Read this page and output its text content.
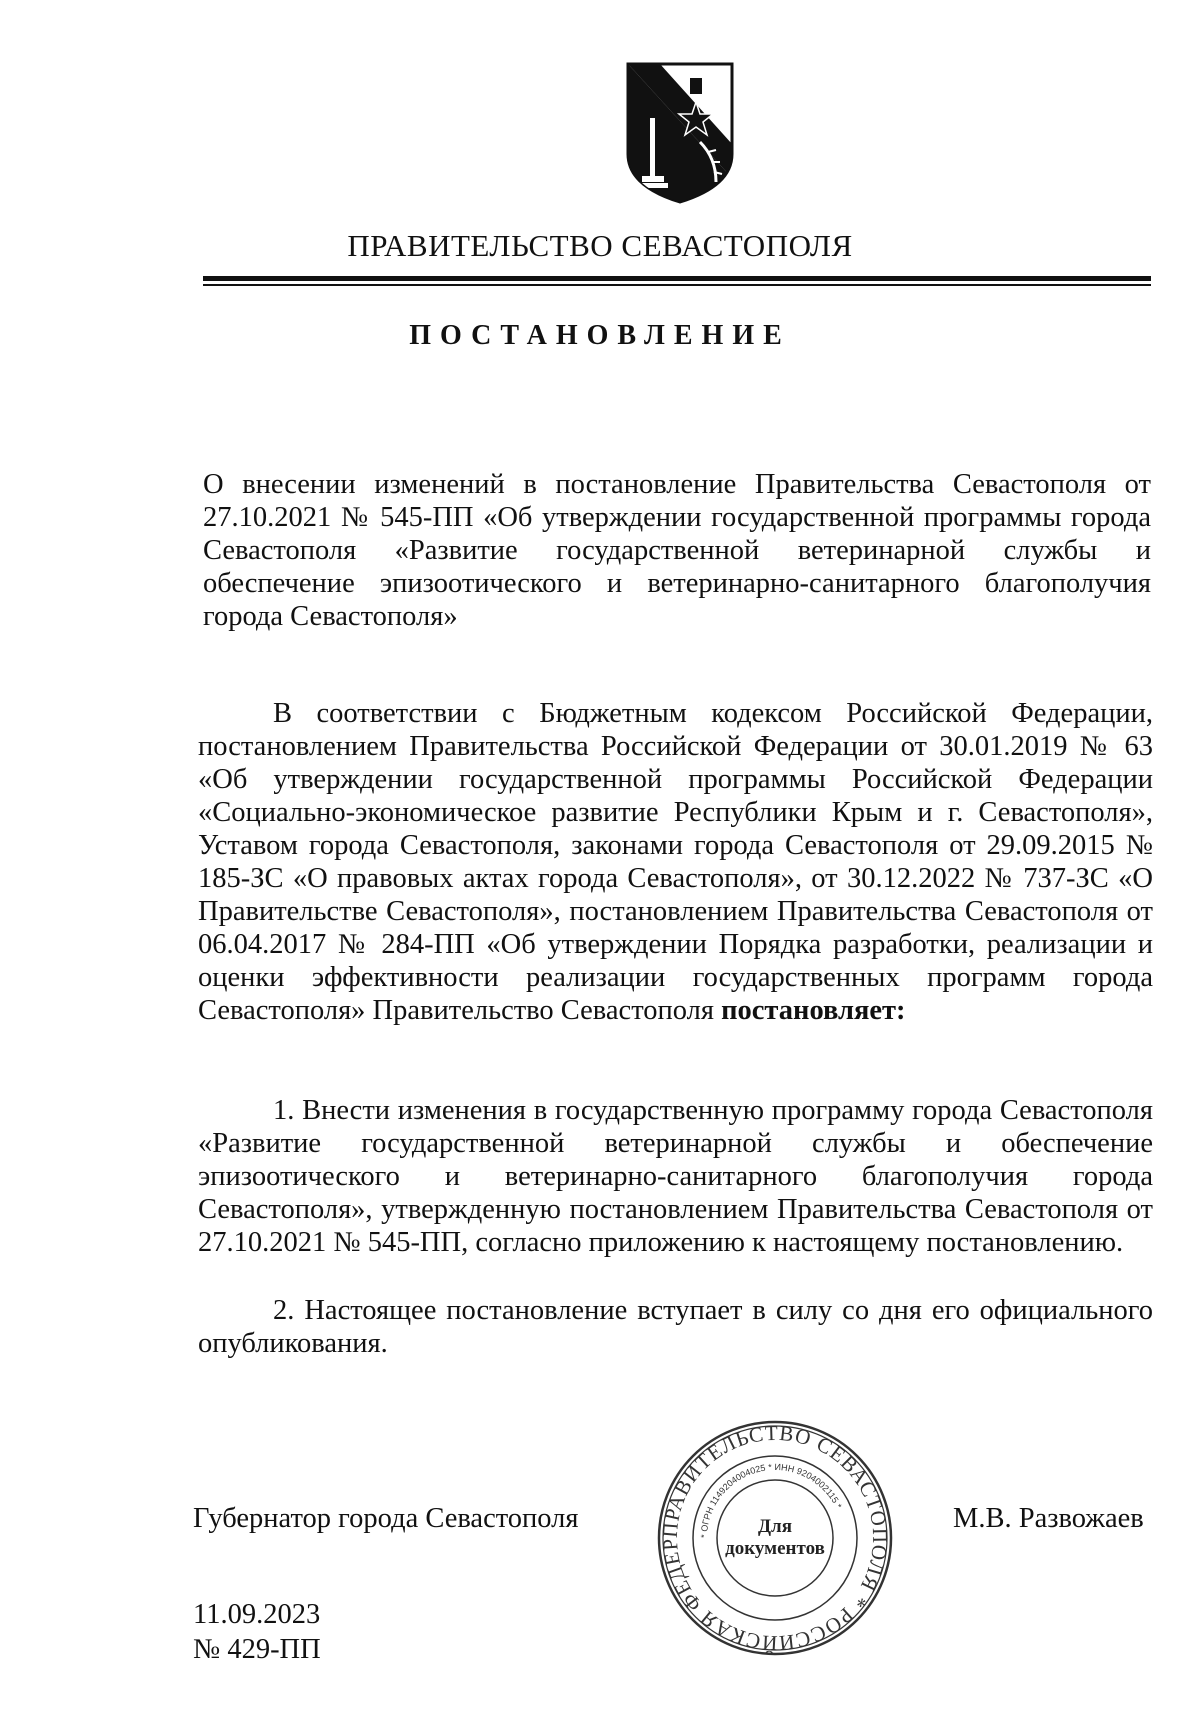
ПРАВИТЕЛЬСТВО СЕВАСТОПОЛЯ
ПОСТАНОВЛЕНИЕ
О внесении изменений в постановление Правительства Севастополя от 27.10.2021 № 545-ПП «Об утверждении государственной программы города Севастополя «Развитие государственной ветеринарной службы и обеспечение эпизоотического и ветеринарно-санитарного благополучия города Севастополя»
В соответствии с Бюджетным кодексом Российской Федерации, постановлением Правительства Российской Федерации от 30.01.2019 № 63 «Об утверждении государственной программы Российской Федерации «Социально-экономическое развитие Республики Крым и г. Севастополя», Уставом города Севастополя, законами города Севастополя от 29.09.2015 № 185-ЗС «О правовых актах города Севастополя», от 30.12.2022 № 737-ЗС «О Правительстве Севастополя», постановлением Правительства Севастополя от 06.04.2017 № 284-ПП «Об утверждении Порядка разработки, реализации и оценки эффективности реализации государственных программ города Севастополя» Правительство Севастополя постановляет:
1. Внести изменения в государственную программу города Севастополя «Развитие государственной ветеринарной службы и обеспечение эпизоотического и ветеринарно-санитарного благополучия города Севастополя», утвержденную постановлением Правительства Севастополя от 27.10.2021 № 545-ПП, согласно приложению к настоящему постановлению.
2. Настоящее постановление вступает в силу со дня его официального опубликования.
Губернатор города Севастополя	ПРАВИТЕЛЬСТВО СЕВАСТОПОЛЯ * РОССИЙСКАЯ ФЕДЕР
* ОГРН 1149204004025 * ИНН 9204002115 *
Для
документов
М.В. Развожаев
11.09.2023
№ 429-ПП
